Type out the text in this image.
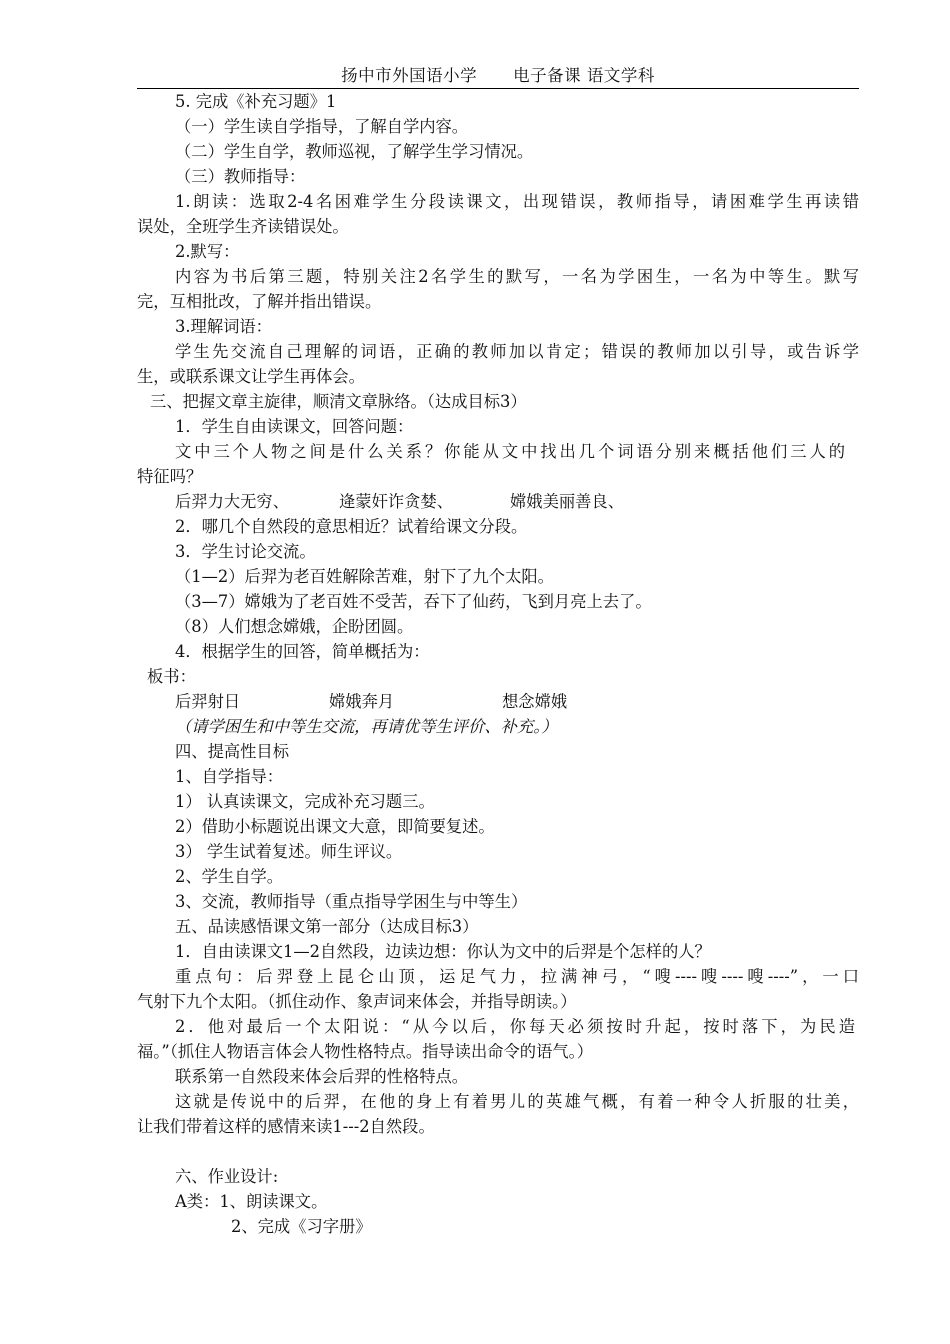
扬中市外国语小学 电子备课 语文学科
5. 完成《补充习题》1
（一）学生读自学指导，了解自学内容。
（二）学生自学，教师巡视，了解学生学习情况。
（三）教师指导：
1.朗读：选取2-4名困难学生分段读课文，出现错误，教师指导，请困难学生再读错
误处，全班学生齐读错误处。
2.默写：
内容为书后第三题，特别关注2名学生的默写，一名为学困生，一名为中等生。默写
完，互相批改，了解并指出错误。
3.理解词语：
学生先交流自己理解的词语，正确的教师加以肯定；错误的教师加以引导，或告诉学
生，或联系课文让学生再体会。
三、把握文章主旋律，顺清文章脉络。（达成目标3）
1．学生自由读课文，回答问题：
文中三个人物之间是什么关系？你能从文中找出几个词语分别来概括他们三人的
特征吗？
后羿力大无穷、	逄蒙奸诈贪婪、	嫦娥美丽善良、
2．哪几个自然段的意思相近？试着给课文分段。
3．学生讨论交流。
（1—2）后羿为老百姓解除苦难，射下了九个太阳。
（3—7）嫦娥为了老百姓不受苦，吞下了仙药，飞到月亮上去了。
（8）人们想念嫦娥，企盼团圆。
4．根据学生的回答，简单概括为：
板书：
后羿射日	嫦娥奔月	想念嫦娥
（请学困生和中等生交流，再请优等生评价、补充。）
四、提高性目标
1、自学指导：
1） 认真读课文，完成补充习题三。
2）借助小标题说出课文大意，即简要复述。
3） 学生试着复述。师生评议。
2、学生自学。
3、交流，教师指导（重点指导学困生与中等生）
五、品读感悟课文第一部分（达成目标3）
1．自由读课文1—2自然段，边读边想：你认为文中的后羿是个怎样的人？
重点句：后羿登上昆仑山顶，运足气力，拉满神弓，“嗖----嗖----嗖----”，一口
气射下九个太阳。（抓住动作、象声词来体会，并指导朗读。）
2．他对最后一个太阳说：“从今以后，你每天必须按时升起，按时落下，为民造
福。”（抓住人物语言体会人物性格特点。指导读出命令的语气。）
联系第一自然段来体会后羿的性格特点。
这就是传说中的后羿，在他的身上有着男儿的英雄气概，有着一种令人折服的壮美，
让我们带着这样的感情来读1---2自然段。
六、作业设计:
A类：1、朗读课文。
2、完成《习字册》
